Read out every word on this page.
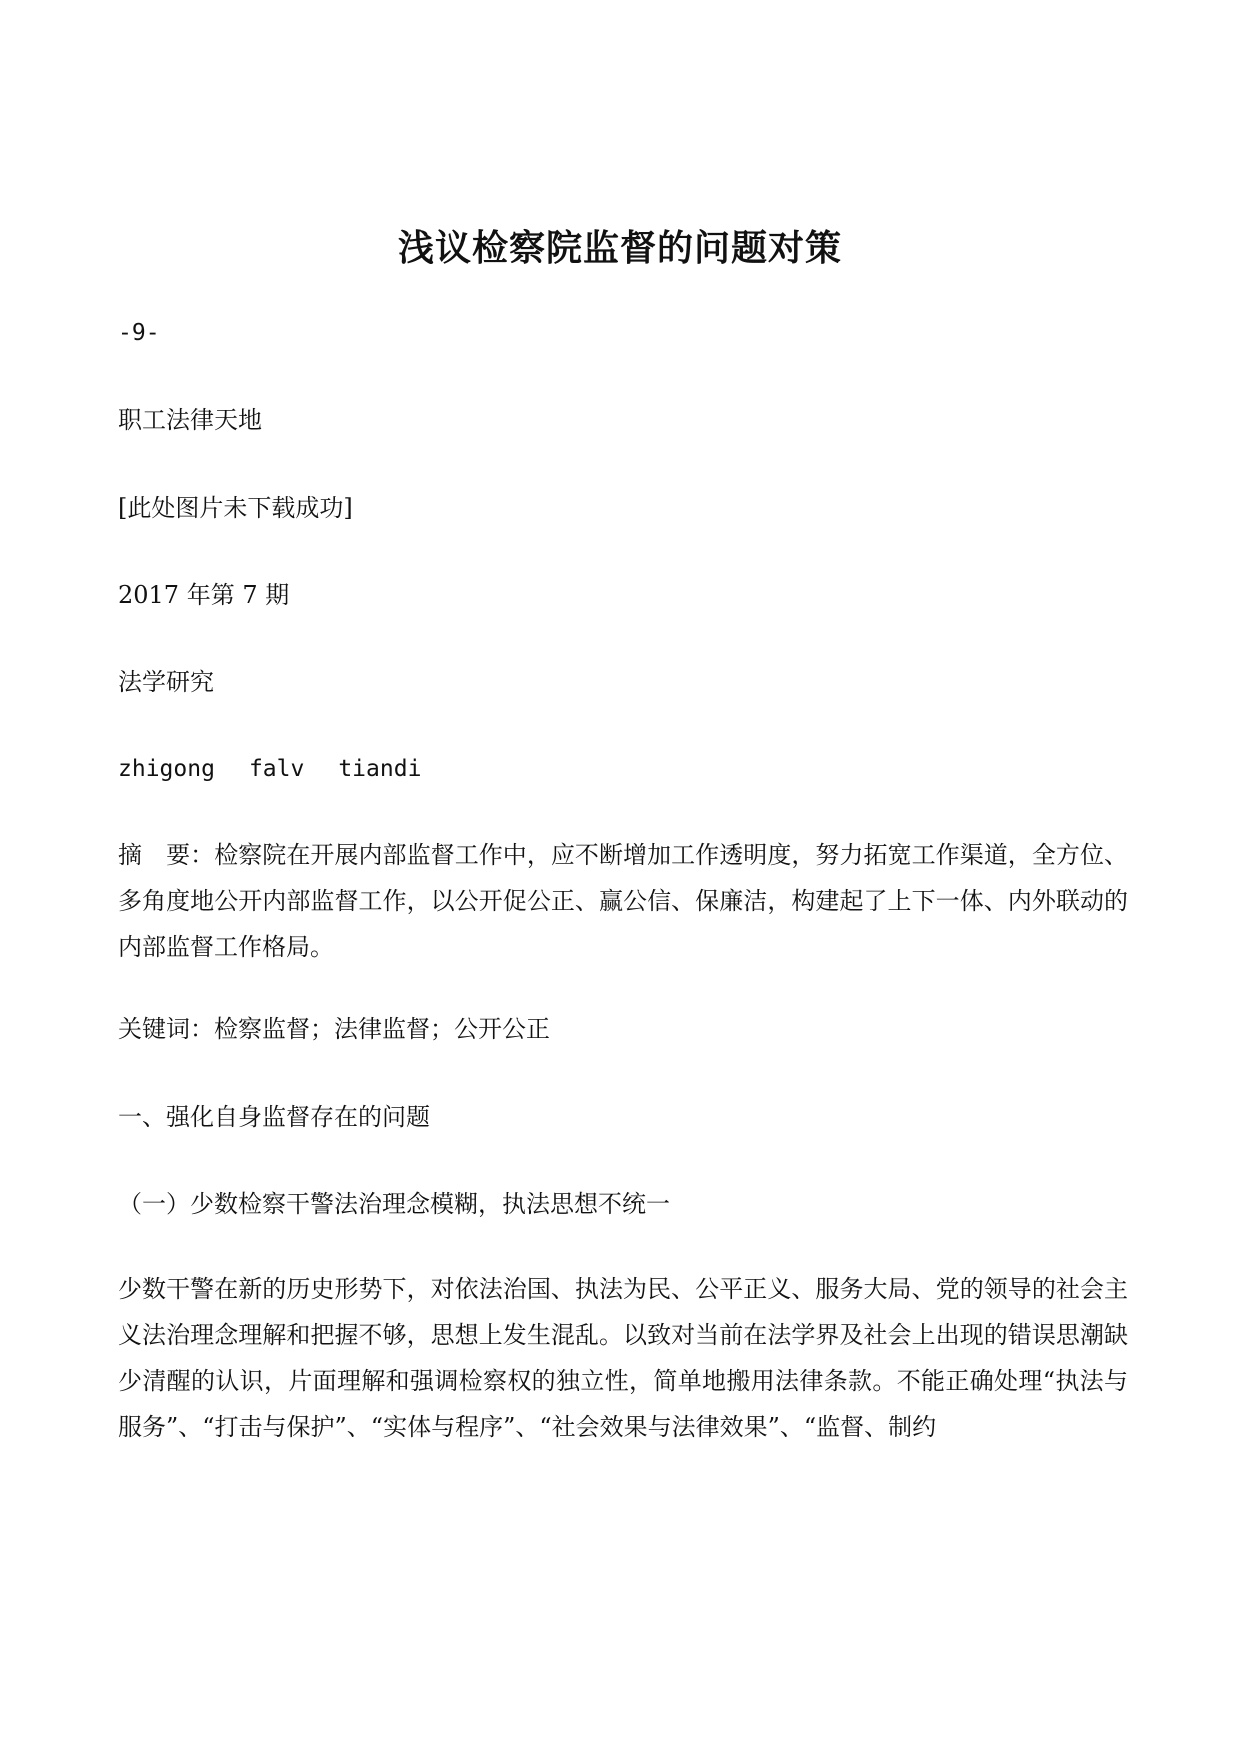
浅议检察院监督的问题对策
-9-
职工法律天地
[此处图片未下载成功]
2017 年第 7 期
法学研究
zhigong falv tiandi
摘　要：检察院在开展内部监督工作中，应不断增加工作透明度，努力拓宽工作渠道，全方位、多角度地公开内部监督工作，以公开促公正、赢公信、保廉洁，构建起了上下一体、内外联动的内部监督工作格局。
关键词：检察监督；法律监督；公开公正
一、强化自身监督存在的问题
（一）少数检察干警法治理念模糊，执法思想不统一
少数干警在新的历史形势下，对依法治国、执法为民、公平正义、服务大局、党的领导的社会主义法治理念理解和把握不够，思想上发生混乱。以致对当前在法学界及社会上出现的错误思潮缺少清醒的认识，片面理解和强调检察权的独立性，简单地搬用法律条款。不能正确处理“执法与服务”、“打击与保护”、“实体与程序”、“社会效果与法律效果”、“监督、制约
